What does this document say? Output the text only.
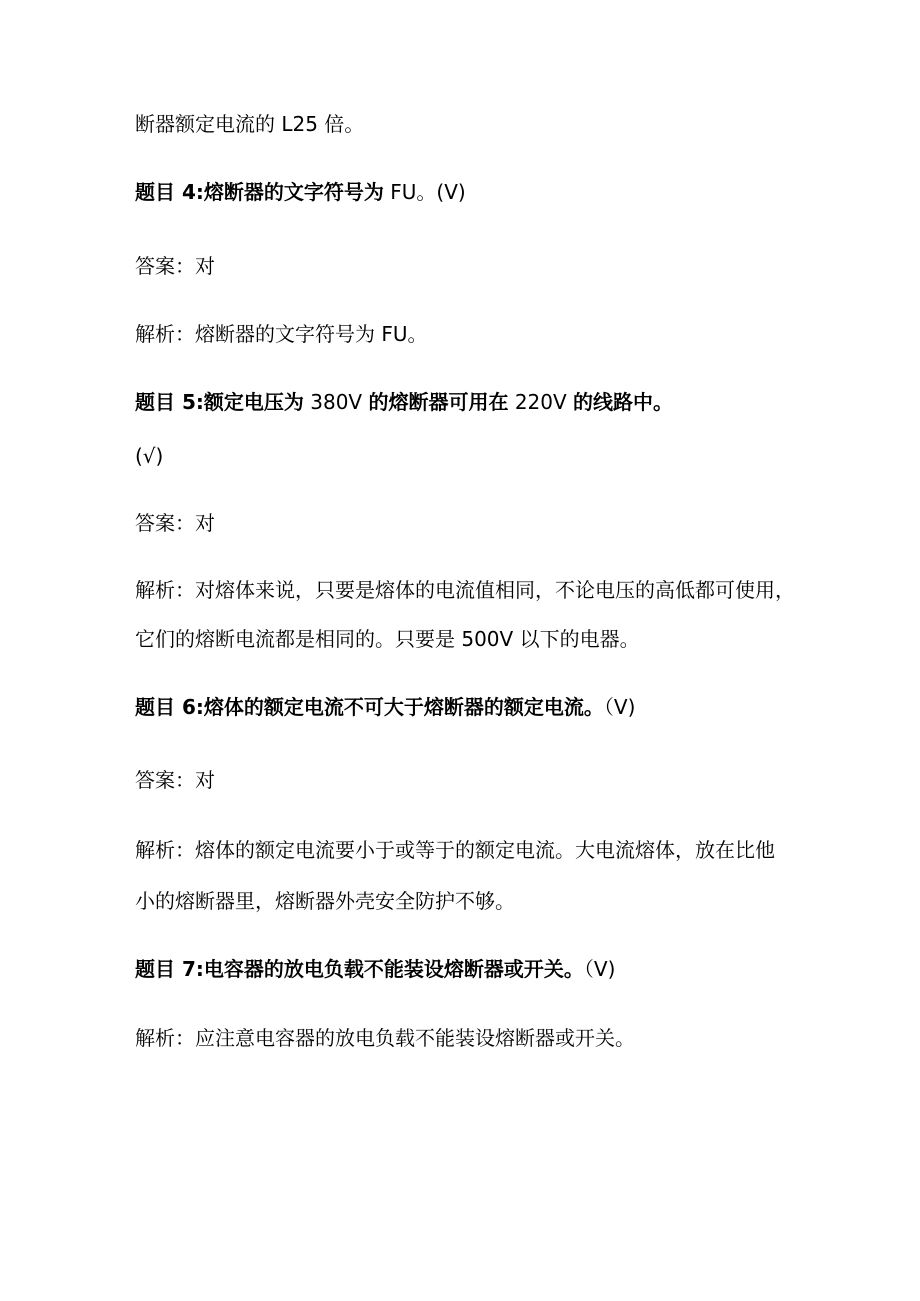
断器额定电流的 L25 倍。
题目 4:熔断器的文字符号为 FU。(V)
答案：对
解析：熔断器的文字符号为 FU。
题目 5:额定电压为 380V 的熔断器可用在 220V 的线路中。
(√)
答案：对
解析：对熔体来说，只要是熔体的电流值相同，不论电压的高低都可使用，
它们的熔断电流都是相同的。只要是 500V 以下的电器。
题目 6:熔体的额定电流不可大于熔断器的额定电流。（V)
答案：对
解析：熔体的额定电流要小于或等于的额定电流。大电流熔体，放在比他
小的熔断器里，熔断器外壳安全防护不够。
题目 7:电容器的放电负载不能装设熔断器或开关。（V)
解析：应注意电容器的放电负载不能装设熔断器或开关。
